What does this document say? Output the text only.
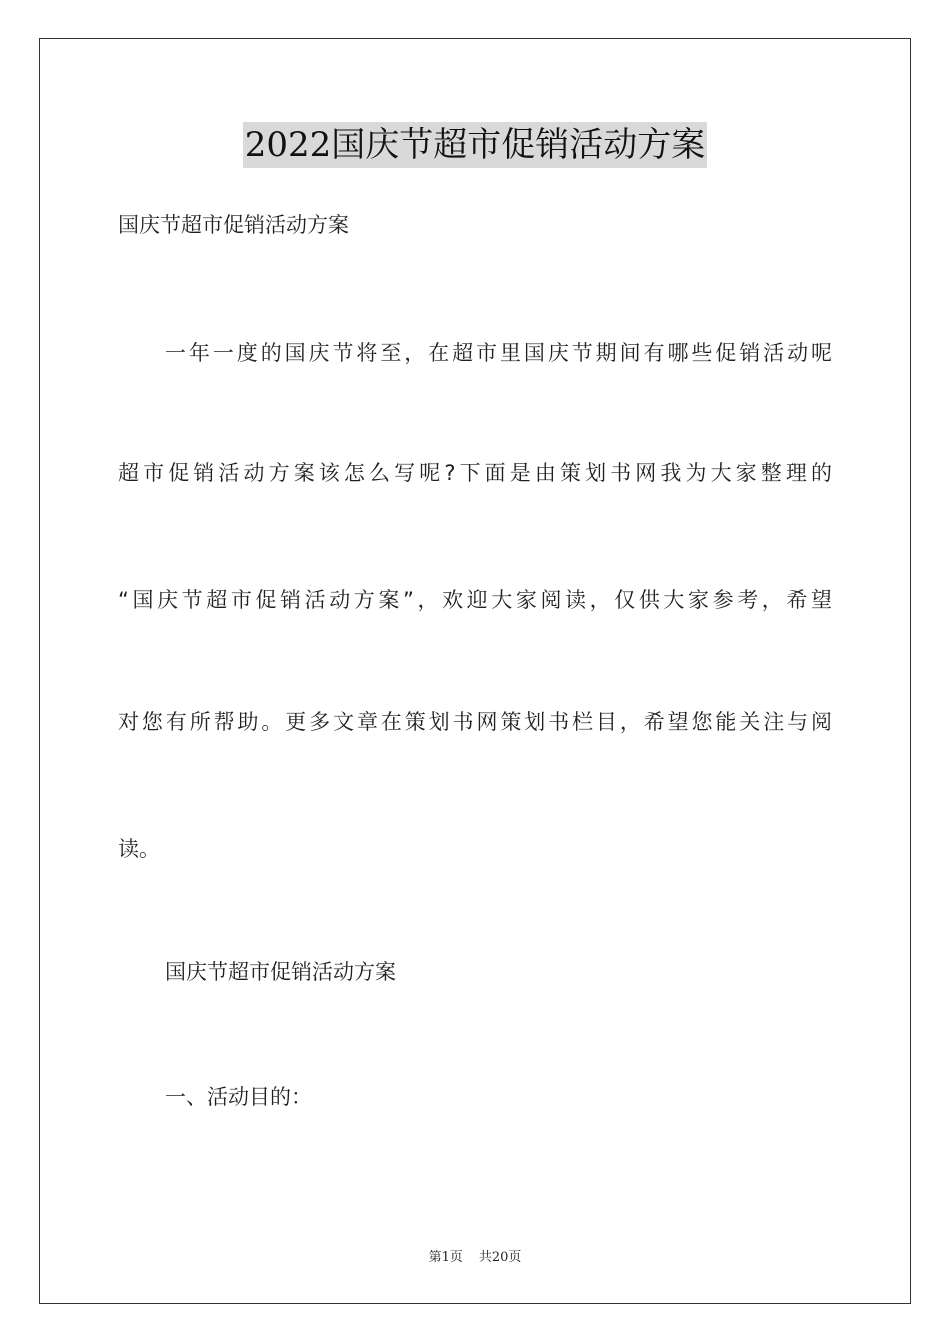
2022国庆节超市促销活动方案
国庆节超市促销活动方案
一年一度的国庆节将至，在超市里国庆节期间有哪些促销活动呢
超市促销活动方案该怎么写呢?下面是由策划书网我为大家整理的
“国庆节超市促销活动方案”，欢迎大家阅读，仅供大家参考，希望
对您有所帮助。更多文章在策划书网策划书栏目，希望您能关注与阅
读。
国庆节超市促销活动方案
一、活动目的：
第1页 共20页
